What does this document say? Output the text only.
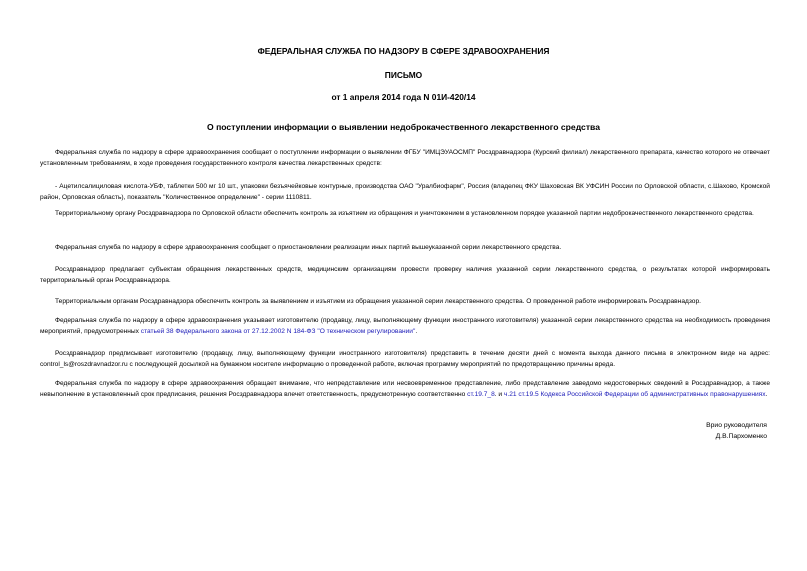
ФЕДЕРАЛЬНАЯ СЛУЖБА ПО НАДЗОРУ В СФЕРЕ ЗДРАВООХРАНЕНИЯ
ПИСЬМО
от 1 апреля 2014 года N 01И-420/14
О поступлении информации о выявлении недоброкачественного лекарственного средства

Федеральная служба по надзору в сфере здравоохранения сообщает о поступлении информации о выявлении ФГБУ "ИМЦЭУАОСМП" Росздравнадзора (Курский филиал) лекарственного препарата, качество которого не отвечает установленным требованиям, в ходе проведения государственного контроля качества лекарственных средств:

- Ацетилсалициловая кислота-УБФ, таблетки 500 мг 10 шт., упаковки безъячейковые контурные, производства ОАО "Уралбиофарм", Россия (владелец ФКУ Шаховская ВК УФСИН России по Орловской области, с.Шахово, Кромской район, Орловская область), показатель "Количественное определение" - серии 1110811.

Территориальному органу Росздравнадзора по Орловской области обеспечить контроль за изъятием из обращения и уничтожением в установленном порядке указанной партии недоброкачественного лекарственного средства.

Федеральная служба по надзору в сфере здравоохранения сообщает о приостановлении реализации иных партий вышеуказанной серии лекарственного средства.

Росздравнадзор предлагает субъектам обращения лекарственных средств, медицинским организациям провести проверку наличия указанной серии лекарственного средства, о результатах которой информировать территориальный орган Росздравнадзора.

Территориальным органам Росздравнадзора обеспечить контроль за выявлением и изъятием из обращения указанной серии лекарственного средства. О проведенной работе информировать Росздравнадзор.

Федеральная служба по надзору в сфере здравоохранения указывает изготовителю (продавцу, лицу, выполняющему функции иностранного изготовителя) указанной серии лекарственного средства на необходимость проведения мероприятий, предусмотренных статьей 38 Федерального закона от 27.12.2002 N 184-ФЗ "О техническом регулировании".

Росздравнадзор предписывает изготовителю (продавцу, лицу, выполняющему функции иностранного изготовителя) представить в течение десяти дней с момента выхода данного письма в электронном виде на адрес: control_ls@roszdravnadzor.ru с последующей досылкой на бумажном носителе информацию о проведенной работе, включая программу мероприятий по предотвращению причины вреда.

Федеральная служба по надзору в сфере здравоохранения обращает внимание, что непредставление или несвоевременное представление, либо представление заведомо недостоверных сведений в Росздравнадзор, а также невыполнение в установленный срок предписания, решения Росздравнадзора влечет ответственность, предусмотренную соответственно ст.19.7_8. и ч.21 ст.19.5 Кодекса Российской Федерации об административных правонарушениях.

Врио руководителя
Д.В.Пархоменко
